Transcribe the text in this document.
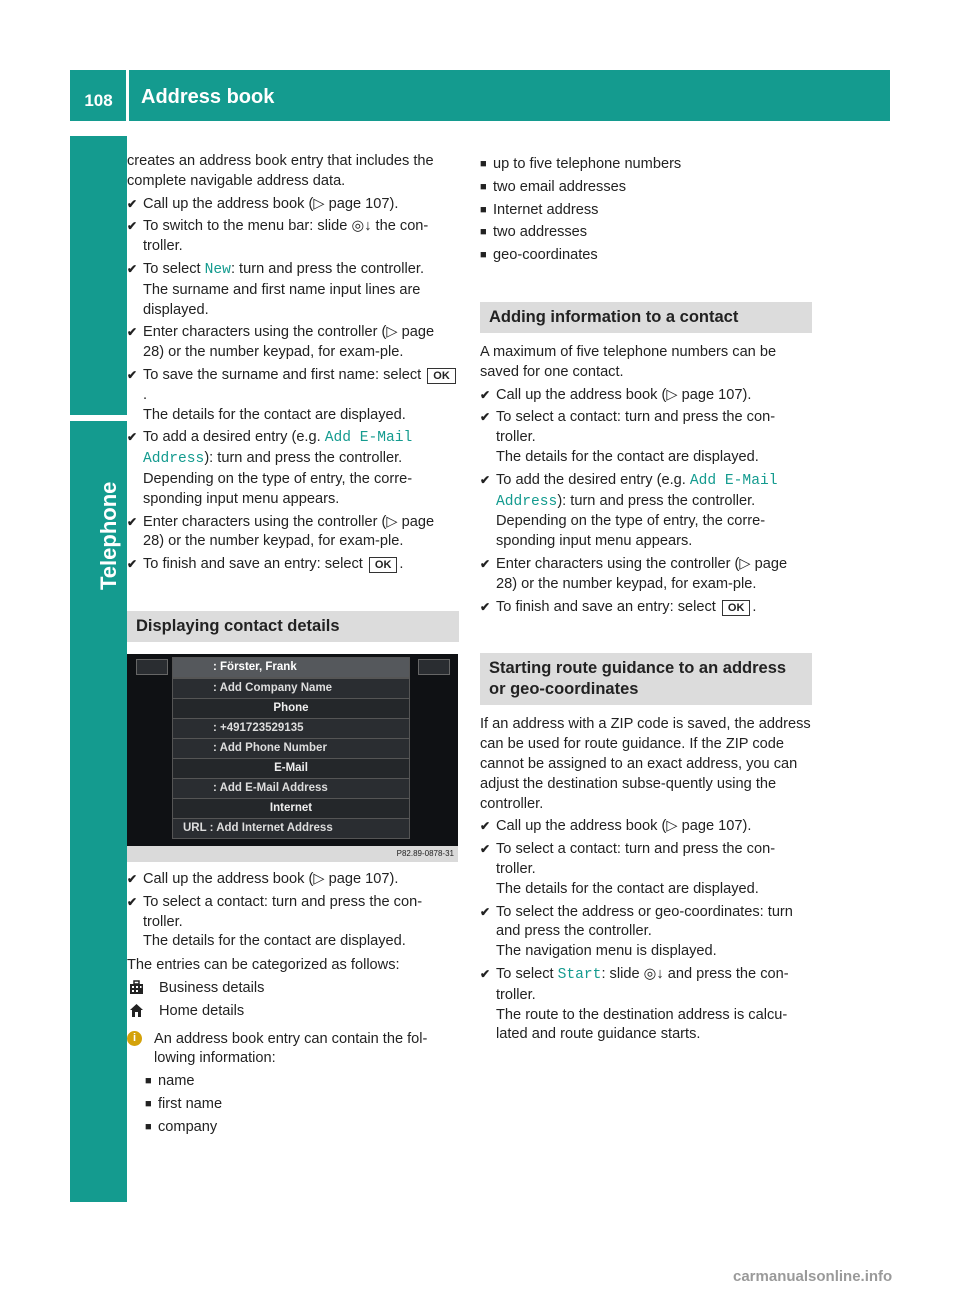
108	Address book
Telephone

creates an address book entry that includes the complete navigable address data.

✔ Call up the address book (▷ page 107).
✔ To switch to the menu bar: slide ◎↓ the con-troller.
✔ To select New: turn and press the controller.
The surname and first name input lines are displayed.
✔ Enter characters using the controller (▷ page 28) or the number keypad, for exam-ple.
✔ To save the surname and first name: select OK.
The details for the contact are displayed.
✔ To add a desired entry (e.g. Add E-Mail Address): turn and press the controller.
Depending on the type of entry, the corre-sponding input menu appears.
✔ Enter characters using the controller (▷ page 28) or the number keypad, for exam-ple.
✔ To finish and save an entry: select OK .
Displaying contact details
: Förster, Frank
: Add Company Name
Phone
: +491723529135
: Add Phone Number
E-Mail
: Add E-Mail Address
Internet
URL : Add Internet Address
P82.89-0878-31
✔ Call up the address book (▷ page 107).
✔ To select a contact: turn and press the con-troller.
The details for the contact are displayed.

The entries can be categorized as follows:

Business details
Home details
i	An address book entry can contain the fol-lowing information:
■ name
■ first name
■ company
■ up to five telephone numbers
■ two email addresses
■ Internet address
■ two addresses
■ geo-coordinates
Adding information to a contact

A maximum of five telephone numbers can be saved for one contact.

✔ Call up the address book (▷ page 107).
✔ To select a contact: turn and press the con-troller.
The details for the contact are displayed.
✔ To add the desired entry (e.g. Add E-Mail Address): turn and press the controller.
Depending on the type of entry, the corre-sponding input menu appears.
✔ Enter characters using the controller (▷ page 28) or the number keypad, for exam-ple.
✔ To finish and save an entry: select OK .
Starting route guidance to an address or geo-coordinates

If an address with a ZIP code is saved, the address can be used for route guidance. If the ZIP code cannot be assigned to an exact address, you can adjust the destination subse-quently using the controller.

✔ Call up the address book (▷ page 107).
✔ To select a contact: turn and press the con-troller.
The details for the contact are displayed.
✔ To select the address or geo-coordinates: turn and press the controller.
The navigation menu is displayed.
✔ To select Start: slide ◎↓ and press the con-troller.
The route to the destination address is calcu-lated and route guidance starts.
carmanualsonline.info
